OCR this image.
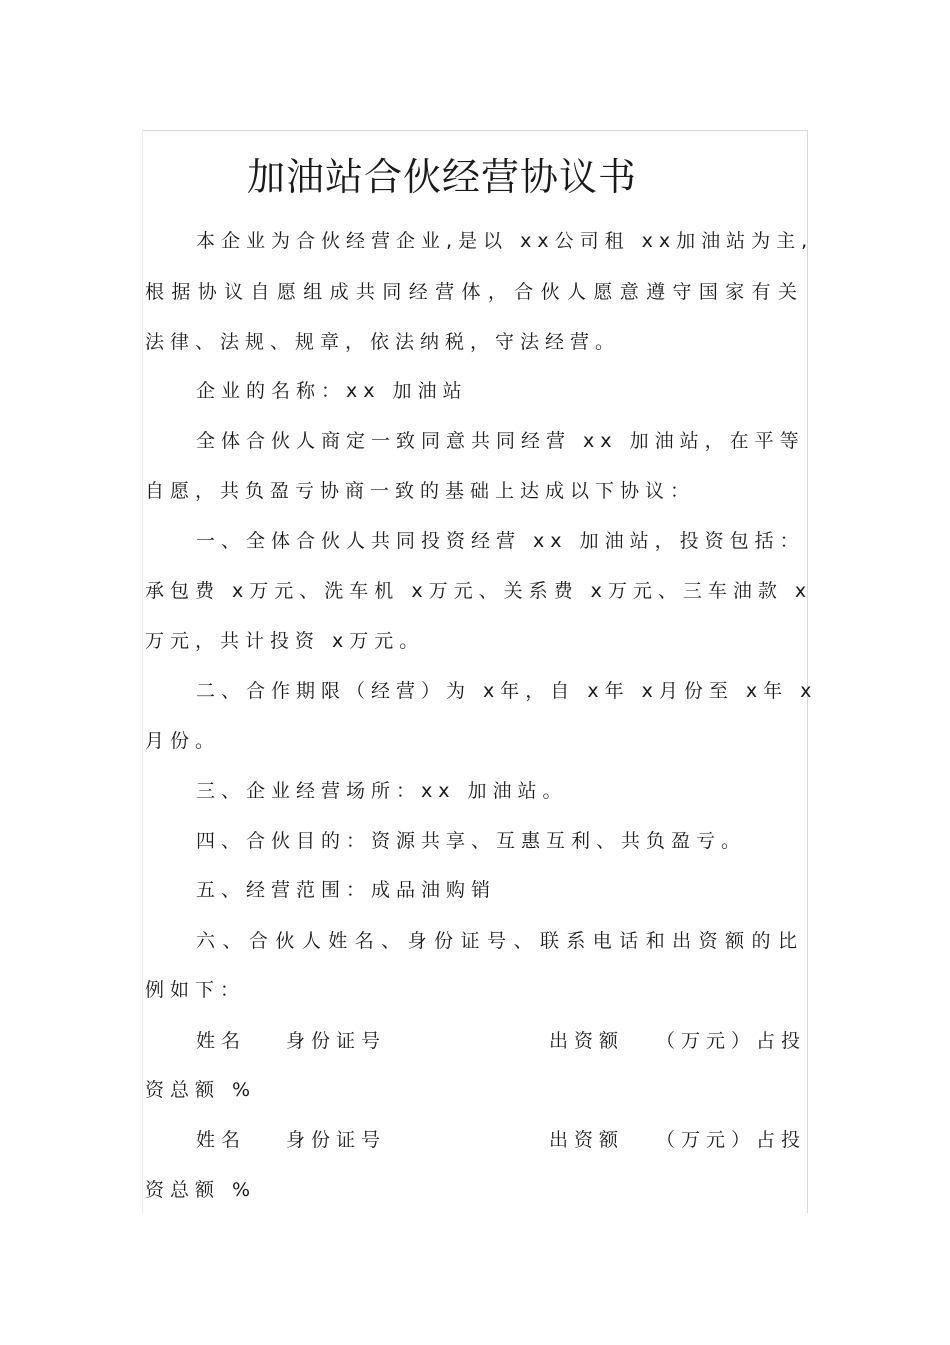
加油站合伙经营协议书

本企业为合伙经营企业,是以 xx公司租 xx加油站为主,

根据协议自愿组成共同经营体，合伙人愿意遵守国家有关

法律、法规、规章，依法纳税，守法经营。

企业的名称：xx 加油站

全体合伙人商定一致同意共同经营 xx 加油站，在平等

自愿，共负盈亏协商一致的基础上达成以下协议：

一、全体合伙人共同投资经营 xx 加油站，投资包括：

承包费 x万元、洗车机 x万元、关系费 x万元、三车油款 x

万元，共计投资 x万元。

二、合作期限（经营）为 x年，自 x年 x月份至 x年 x

月份。

三、企业经营场所：xx 加油站。

四、合伙目的：资源共享、互惠互利、共负盈亏。

五、经营范围：成品油购销

六、合伙人姓名、身份证号、联系电话和出资额的比

例如下：

姓名 身份证号	出资额 （万元）占投

资总额 %

姓名 身份证号	出资额 （万元）占投

资总额 %
